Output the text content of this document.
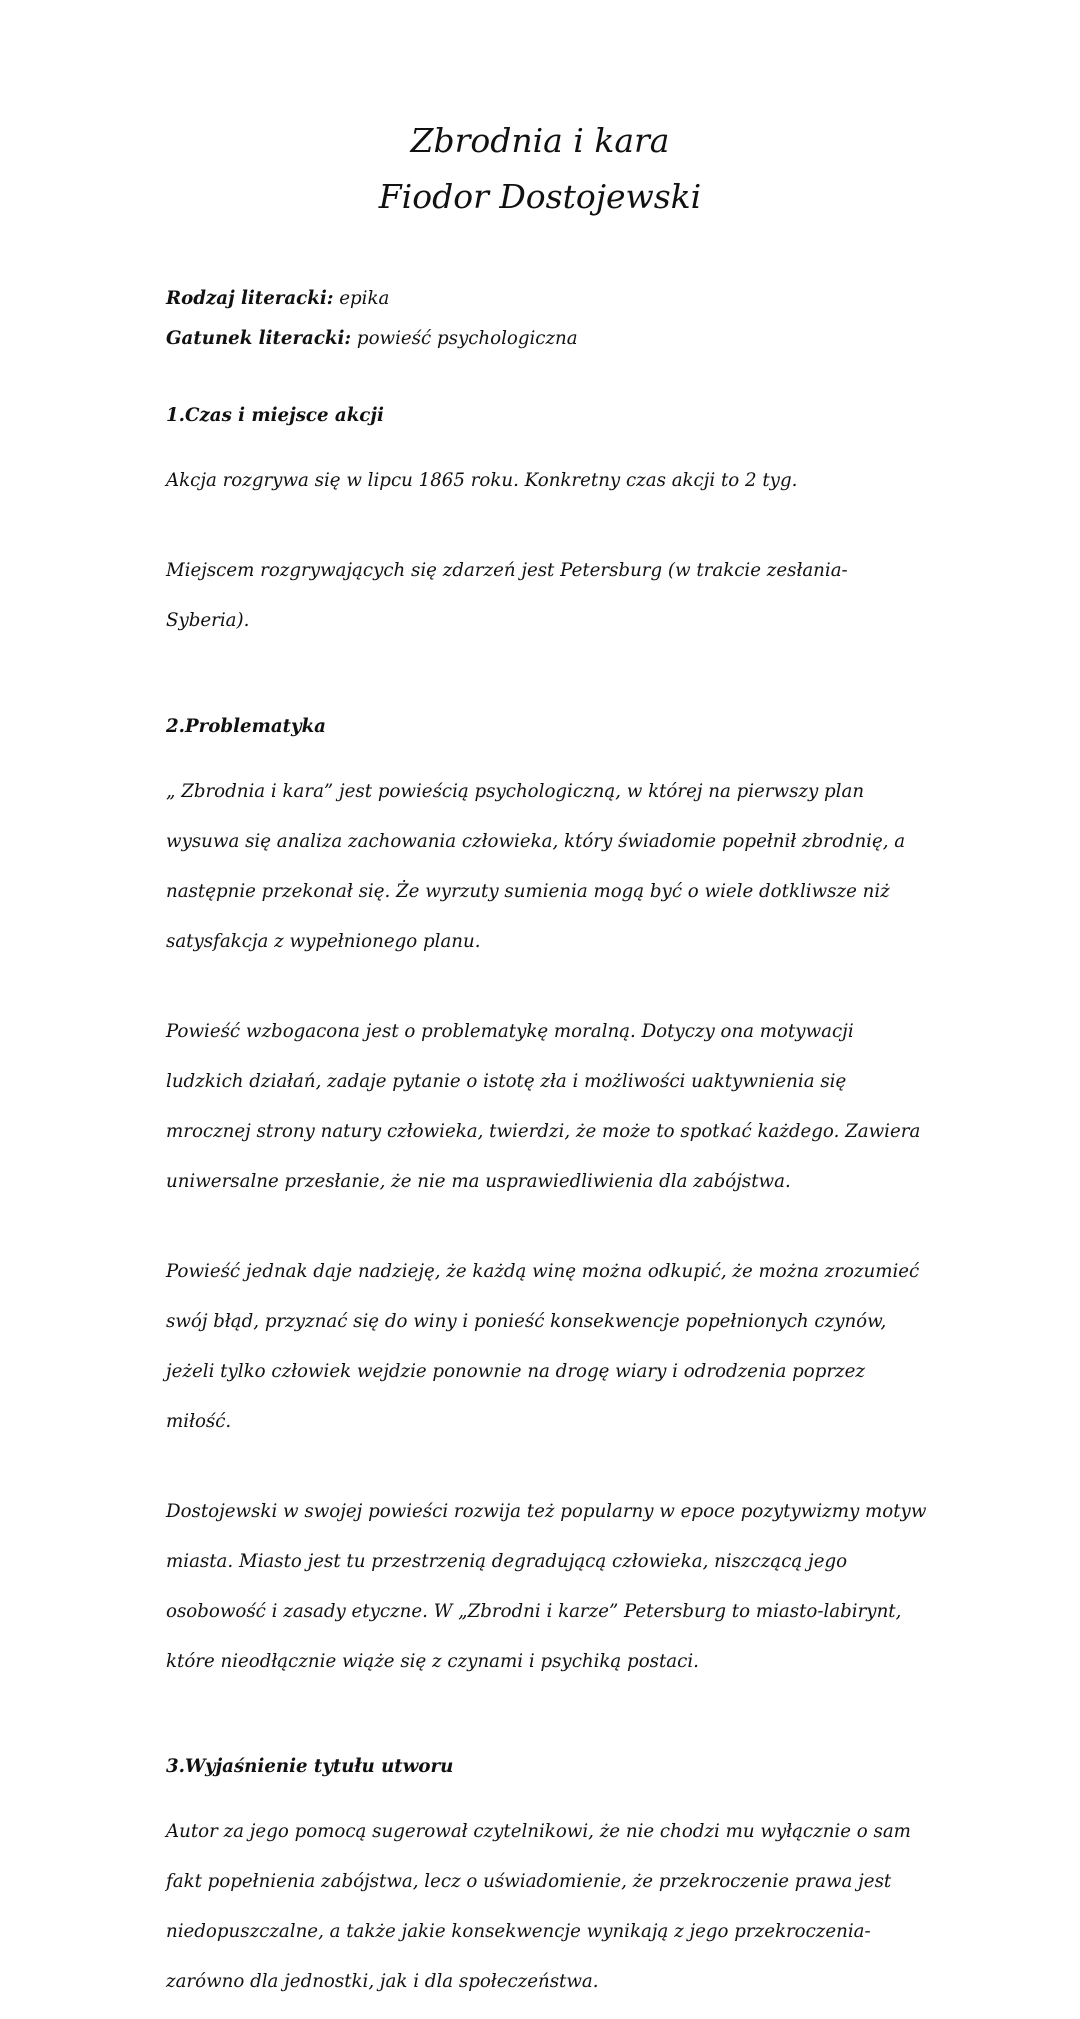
Zbrodnia i kara
Fiodor Dostojewski

Rodzaj literacki: epika

Gatunek literacki: powieść psychologiczna

1.Czas i miejsce akcji

Akcja rozgrywa się w lipcu 1865 roku. Konkretny czas akcji to 2 tyg.

Miejscem rozgrywających się zdarzeń jest Petersburg (w trakcie zesłania-

Syberia).

2.Problematyka

„ Zbrodnia i kara” jest powieścią psychologiczną, w której na pierwszy plan

wysuwa się analiza zachowania człowieka, który świadomie popełnił zbrodnię, a

następnie przekonał się. Że wyrzuty sumienia mogą być o wiele dotkliwsze niż

satysfakcja z wypełnionego planu.

Powieść wzbogacona jest o problematykę moralną. Dotyczy ona motywacji

ludzkich działań, zadaje pytanie o istotę zła i możliwości uaktywnienia się

mrocznej strony natury człowieka, twierdzi, że może to spotkać każdego. Zawiera

uniwersalne przesłanie, że nie ma usprawiedliwienia dla zabójstwa.

Powieść jednak daje nadzieję, że każdą winę można odkupić, że można zrozumieć

swój błąd, przyznać się do winy i ponieść konsekwencje popełnionych czynów,

jeżeli tylko człowiek wejdzie ponownie na drogę wiary i odrodzenia poprzez

miłość.

Dostojewski w swojej powieści rozwija też popularny w epoce pozytywizmy motyw

miasta. Miasto jest tu przestrzenią degradującą człowieka, niszczącą jego

osobowość i zasady etyczne. W „Zbrodni i karze” Petersburg to miasto-labirynt,

które nieodłącznie wiąże się z czynami i psychiką postaci.

3.Wyjaśnienie tytułu utworu

Autor za jego pomocą sugerował czytelnikowi, że nie chodzi mu wyłącznie o sam

fakt popełnienia zabójstwa, lecz o uświadomienie, że przekroczenie prawa jest

niedopuszczalne, a także jakie konsekwencje wynikają z jego przekroczenia-

zarówno dla jednostki, jak i dla społeczeństwa.
